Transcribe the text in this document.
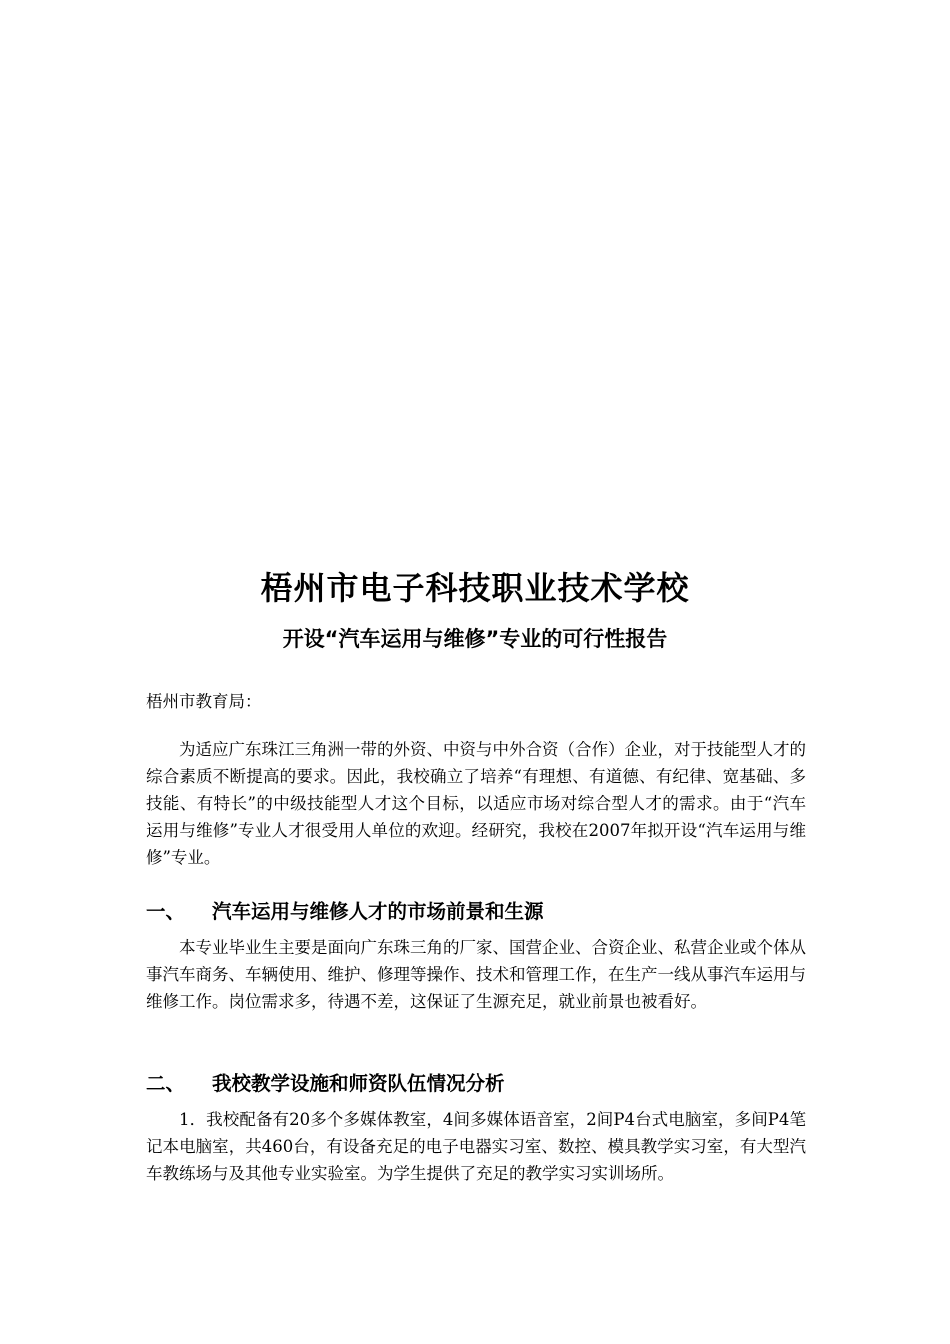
梧州市电子科技职业技术学校
开设“汽车运用与维修”专业的可行性报告
梧州市教育局：

为适应广东珠江三角洲一带的外资、中资与中外合资（合作）企业，对于技能型人才的综合素质不断提高的要求。因此，我校确立了培养“有理想、有道德、有纪律、宽基础、多技能、有特长”的中级技能型人才这个目标，以适应市场对综合型人才的需求。由于“汽车运用与维修”专业人才很受用人单位的欢迎。经研究，我校在2007年拟开设“汽车运用与维修”专业。

一、 汽车运用与维修人才的市场前景和生源

本专业毕业生主要是面向广东珠三角的厂家、国营企业、合资企业、私营企业或个体从事汽车商务、车辆使用、维护、修理等操作、技术和管理工作，在生产一线从事汽车运用与维修工作。岗位需求多，待遇不差，这保证了生源充足，就业前景也被看好。

二、 我校教学设施和师资队伍情况分析

1．我校配备有20多个多媒体教室，4间多媒体语音室，2间P4台式电脑室，多间P4笔记本电脑室，共460台，有设备充足的电子电器实习室、数控、模具教学实习室，有大型汽车教练场与及其他专业实验室。为学生提供了充足的教学实习实训场所。
